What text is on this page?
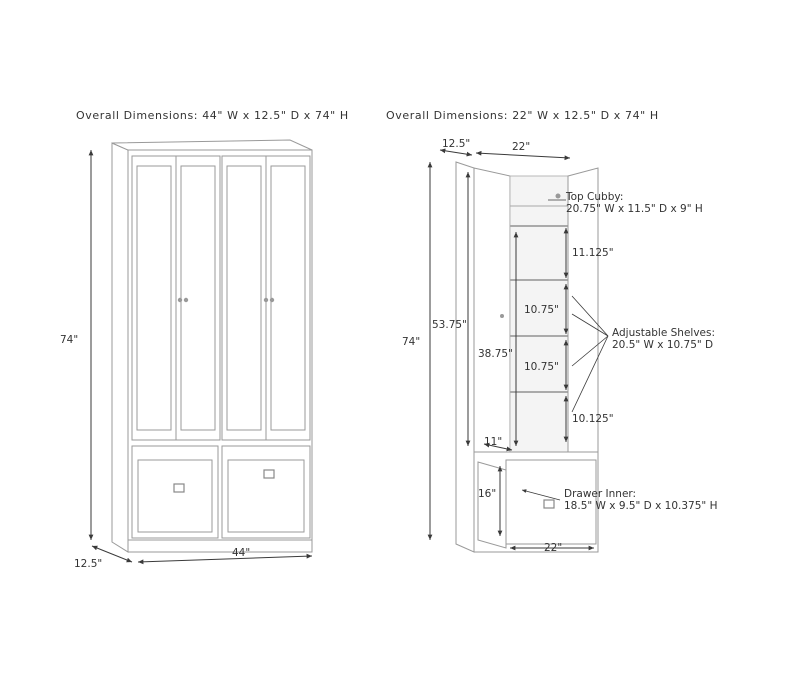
Overall Dimensions: 44" W x 12.5" D x 74" H	Overall Dimensions: 22" W x 12.5" D x 74" H
74"
44"
12.5"
12.5"	22"
74"
53.75"
38.75"
Top Cubby:
20.75" W x 11.5" D x 9" H
11.125"
10.75"
10.75"
10.125"
Adjustable Shelves:
20.5" W x 10.75" D
11"
16"	Drawer Inner:
18.5" W x 9.5" D x 10.375" H
22"
